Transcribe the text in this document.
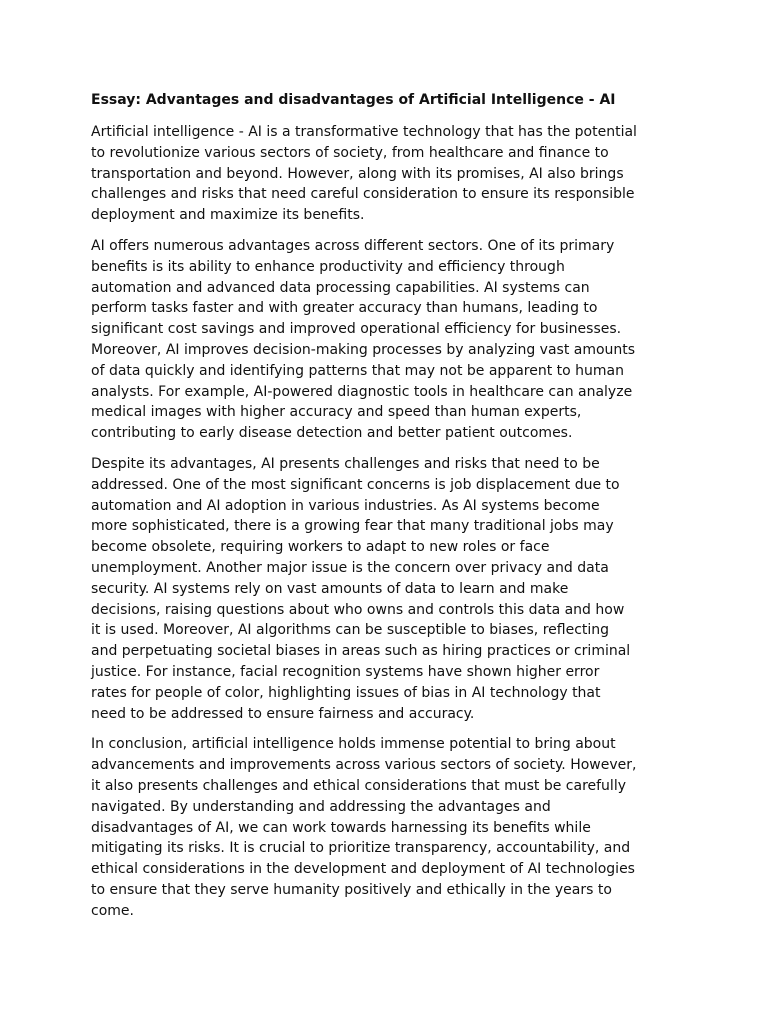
Essay: Advantages and disadvantages of Artificial Intelligence - AI
Artificial intelligence - AI is a transformative technology that has the potential
to revolutionize various sectors of society, from healthcare and finance to
transportation and beyond. However, along with its promises, AI also brings
challenges and risks that need careful consideration to ensure its responsible
deployment and maximize its benefits.
AI offers numerous advantages across different sectors. One of its primary
benefits is its ability to enhance productivity and efficiency through
automation and advanced data processing capabilities. AI systems can
perform tasks faster and with greater accuracy than humans, leading to
significant cost savings and improved operational efficiency for businesses.
Moreover, AI improves decision-making processes by analyzing vast amounts
of data quickly and identifying patterns that may not be apparent to human
analysts. For example, AI-powered diagnostic tools in healthcare can analyze
medical images with higher accuracy and speed than human experts,
contributing to early disease detection and better patient outcomes.
Despite its advantages, AI presents challenges and risks that need to be
addressed. One of the most significant concerns is job displacement due to
automation and AI adoption in various industries. As AI systems become
more sophisticated, there is a growing fear that many traditional jobs may
become obsolete, requiring workers to adapt to new roles or face
unemployment. Another major issue is the concern over privacy and data
security. AI systems rely on vast amounts of data to learn and make
decisions, raising questions about who owns and controls this data and how
it is used. Moreover, AI algorithms can be susceptible to biases, reflecting
and perpetuating societal biases in areas such as hiring practices or criminal
justice. For instance, facial recognition systems have shown higher error
rates for people of color, highlighting issues of bias in AI technology that
need to be addressed to ensure fairness and accuracy.
In conclusion, artificial intelligence holds immense potential to bring about
advancements and improvements across various sectors of society. However,
it also presents challenges and ethical considerations that must be carefully
navigated. By understanding and addressing the advantages and
disadvantages of AI, we can work towards harnessing its benefits while
mitigating its risks. It is crucial to prioritize transparency, accountability, and
ethical considerations in the development and deployment of AI technologies
to ensure that they serve humanity positively and ethically in the years to
come.
